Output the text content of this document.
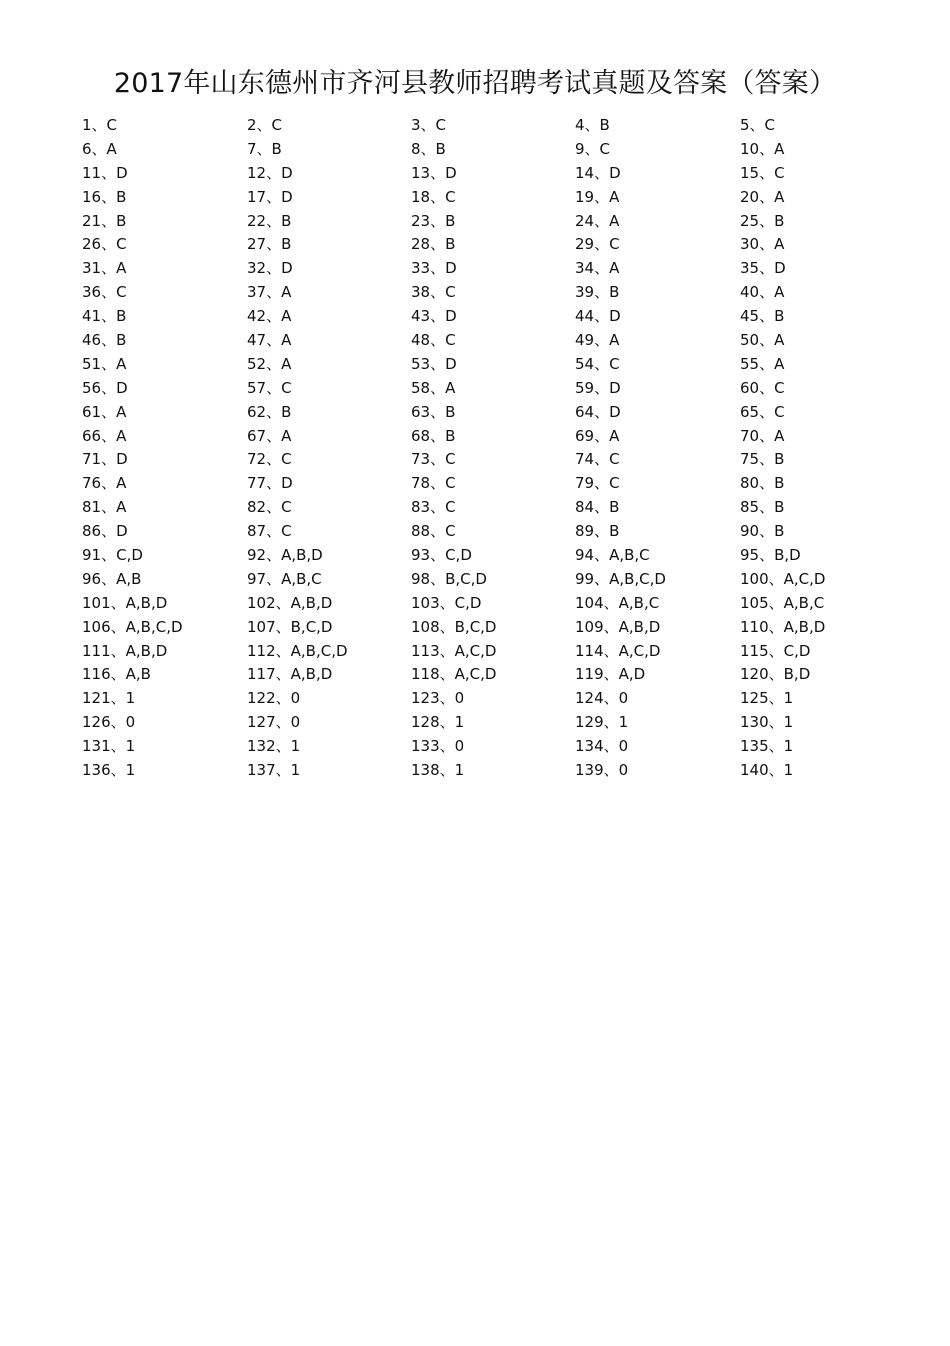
2017年山东德州市齐河县教师招聘考试真题及答案（答案）
1、C	2、C	3、C	4、B	5、C
6、A	7、B	8、B	9、C	10、A
11、D	12、D	13、D	14、D	15、C
16、B	17、D	18、C	19、A	20、A
21、B	22、B	23、B	24、A	25、B
26、C	27、B	28、B	29、C	30、A
31、A	32、D	33、D	34、A	35、D
36、C	37、A	38、C	39、B	40、A
41、B	42、A	43、D	44、D	45、B
46、B	47、A	48、C	49、A	50、A
51、A	52、A	53、D	54、C	55、A
56、D	57、C	58、A	59、D	60、C
61、A	62、B	63、B	64、D	65、C
66、A	67、A	68、B	69、A	70、A
71、D	72、C	73、C	74、C	75、B
76、A	77、D	78、C	79、C	80、B
81、A	82、C	83、C	84、B	85、B
86、D	87、C	88、C	89、B	90、B
91、C,D	92、A,B,D	93、C,D	94、A,B,C	95、B,D
96、A,B	97、A,B,C	98、B,C,D	99、A,B,C,D	100、A,C,D
101、A,B,D	102、A,B,D	103、C,D	104、A,B,C	105、A,B,C
106、A,B,C,D	107、B,C,D	108、B,C,D	109、A,B,D	110、A,B,D
111、A,B,D	112、A,B,C,D	113、A,C,D	114、A,C,D	115、C,D
116、A,B	117、A,B,D	118、A,C,D	119、A,D	120、B,D
121、1	122、0	123、0	124、0	125、1
126、0	127、0	128、1	129、1	130、1
131、1	132、1	133、0	134、0	135、1
136、1	137、1	138、1	139、0	140、1
